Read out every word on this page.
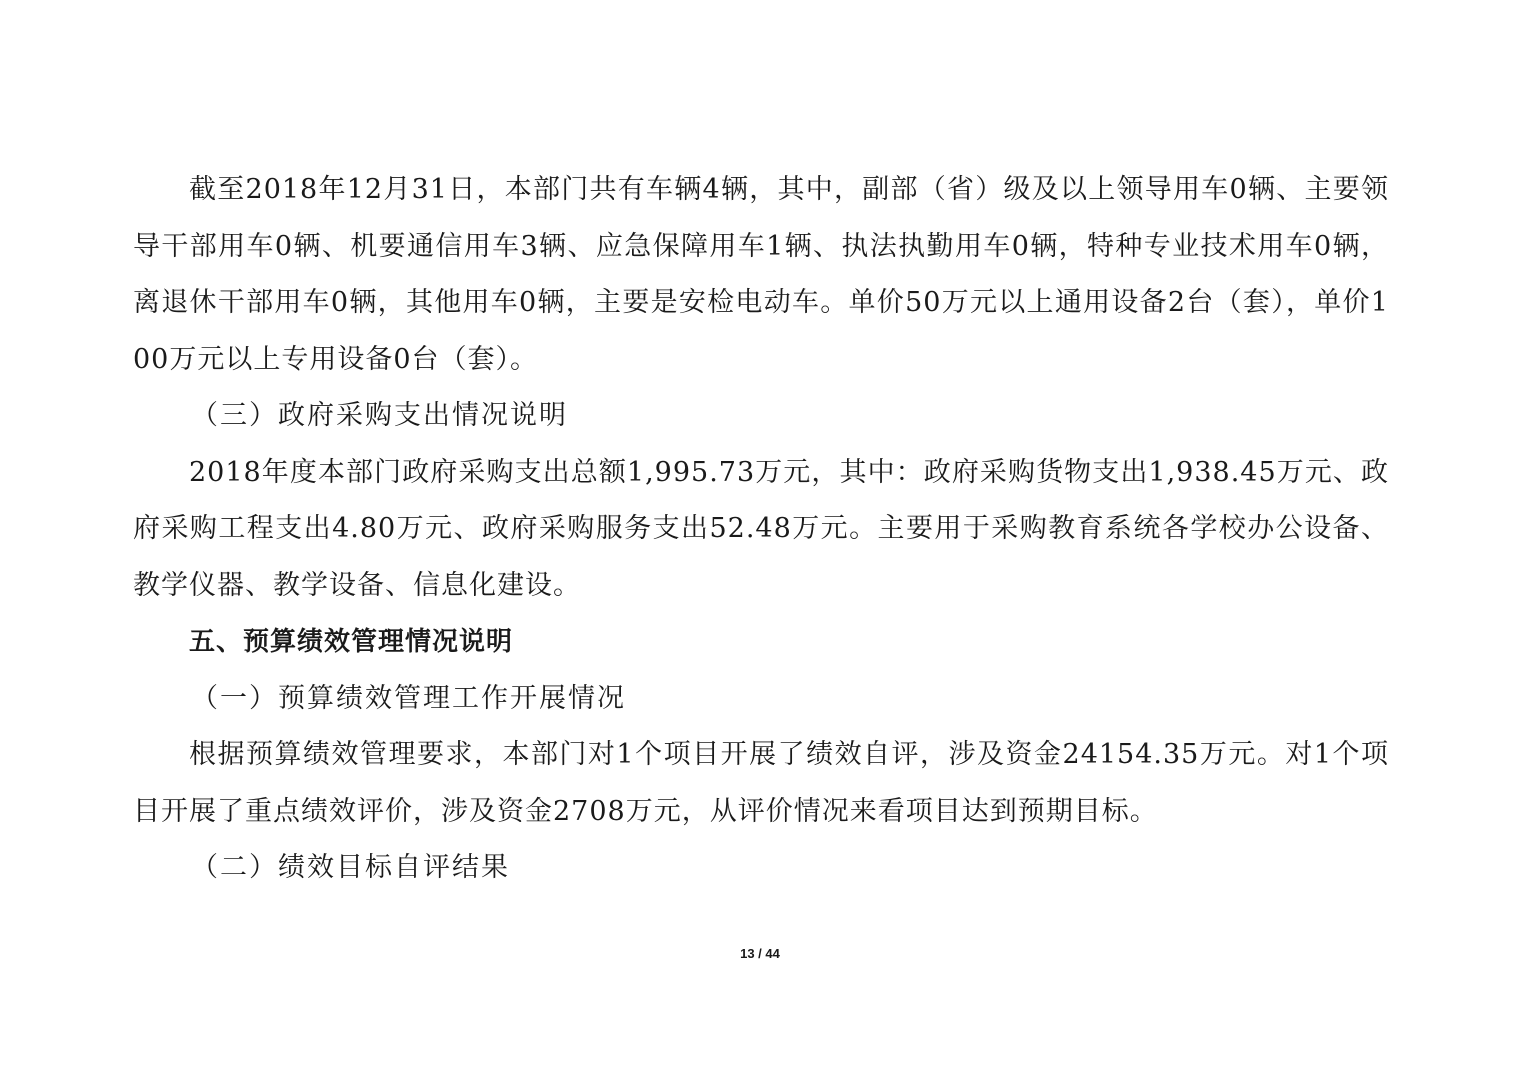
截至2018年12月31日，本部门共有车辆4辆，其中，副部（省）级及以上领导用车0辆、主要领导干部用车0辆、机要通信用车3辆、应急保障用车1辆、执法执勤用车0辆，特种专业技术用车0辆，离退休干部用车0辆，其他用车0辆，主要是安检电动车。单价50万元以上通用设备2台（套），单价100万元以上专用设备0台（套）。

（三）政府采购支出情况说明

2018年度本部门政府采购支出总额1,995.73万元，其中：政府采购货物支出1,938.45万元、政府采购工程支出4.80万元、政府采购服务支出52.48万元。主要用于采购教育系统各学校办公设备、教学仪器、教学设备、信息化建设。

五、预算绩效管理情况说明

（一）预算绩效管理工作开展情况

根据预算绩效管理要求，本部门对1个项目开展了绩效自评，涉及资金24154.35万元。对1个项目开展了重点绩效评价，涉及资金2708万元，从评价情况来看项目达到预期目标。

（二）绩效目标自评结果

13 / 44
